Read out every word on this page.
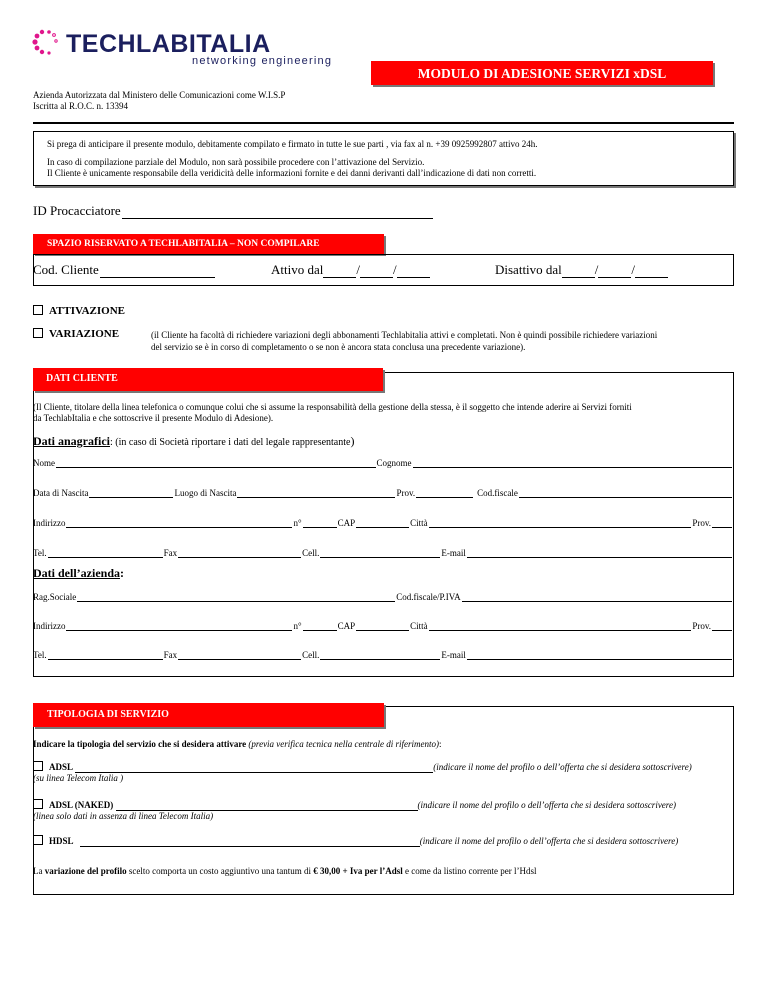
TECHLABITALIA
networking engineering
MODULO DI ADESIONE SERVIZI xDSL
Azienda Autorizzata dal Ministero delle Comunicazioni come W.I.S.P
Iscritta al R.O.C. n. 13394
Si prega di anticipare il presente modulo, debitamente compilato e firmato in tutte le sue parti , via fax al n. +39 0925992807 attivo 24h.
In caso di compilazione parziale del Modulo, non sarà possibile procedere con l’attivazione del Servizio.
Il Cliente è unicamente responsabile della veridicità delle informazioni fornite e dei danni derivanti dall’indicazione di dati non corretti.
ID Procacciatore
SPAZIO RISERVATO A TECHLABITALIA – NON COMPILARE
Cod. Cliente	Attivo dal	/	/	Disattivo dal	/	/
ATTIVAZIONE
VARIAZIONE	(il Cliente ha facoltà di richiedere variazioni degli abbonamenti Techlabitalia attivi e completati. Non è quindi possibile richiedere variazioni
del servizio se è in corso di completamento o se non è ancora stata conclusa una precedente variazione).
DATI CLIENTE
(Il Cliente, titolare della linea telefonica o comunque colui che si assume la responsabilità della gestione della stessa, è il soggetto che intende aderire ai Servizi forniti
da TechlabItalia e che sottoscrive il presente Modulo di Adesione).
Dati anagrafici: (in caso di Società riportare i dati del legale rappresentante)
Nome	Cognome
Data di Nascita	Luogo di Nascita	Prov.	Cod.fiscale
Indirizzo	n°	CAP	Città	Prov.
Tel.	Fax	Cell.	E-mail
Dati dell’azienda:
Rag.Sociale	Cod.fiscale/P.IVA
Indirizzo	n°	CAP	Città	Prov.
Tel.	Fax	Cell.	E-mail
TIPOLOGIA DI SERVIZIO
Indicare la tipologia del servizio che si desidera attivare (previa verifica tecnica nella centrale di riferimento):
ADSL	(indicare il nome del profilo o dell’offerta che si desidera sottoscrivere)
(su linea Telecom Italia )
ADSL (NAKED)	(indicare il nome del profilo o dell’offerta che si desidera sottoscrivere)
(linea solo dati in assenza di linea Telecom Italia)
HDSL	(indicare il nome del profilo o dell’offerta che si desidera sottoscrivere)
La variazione del profilo scelto comporta un costo aggiuntivo una tantum di € 30,00 + Iva per l’Adsl e come da listino corrente per l’Hdsl
